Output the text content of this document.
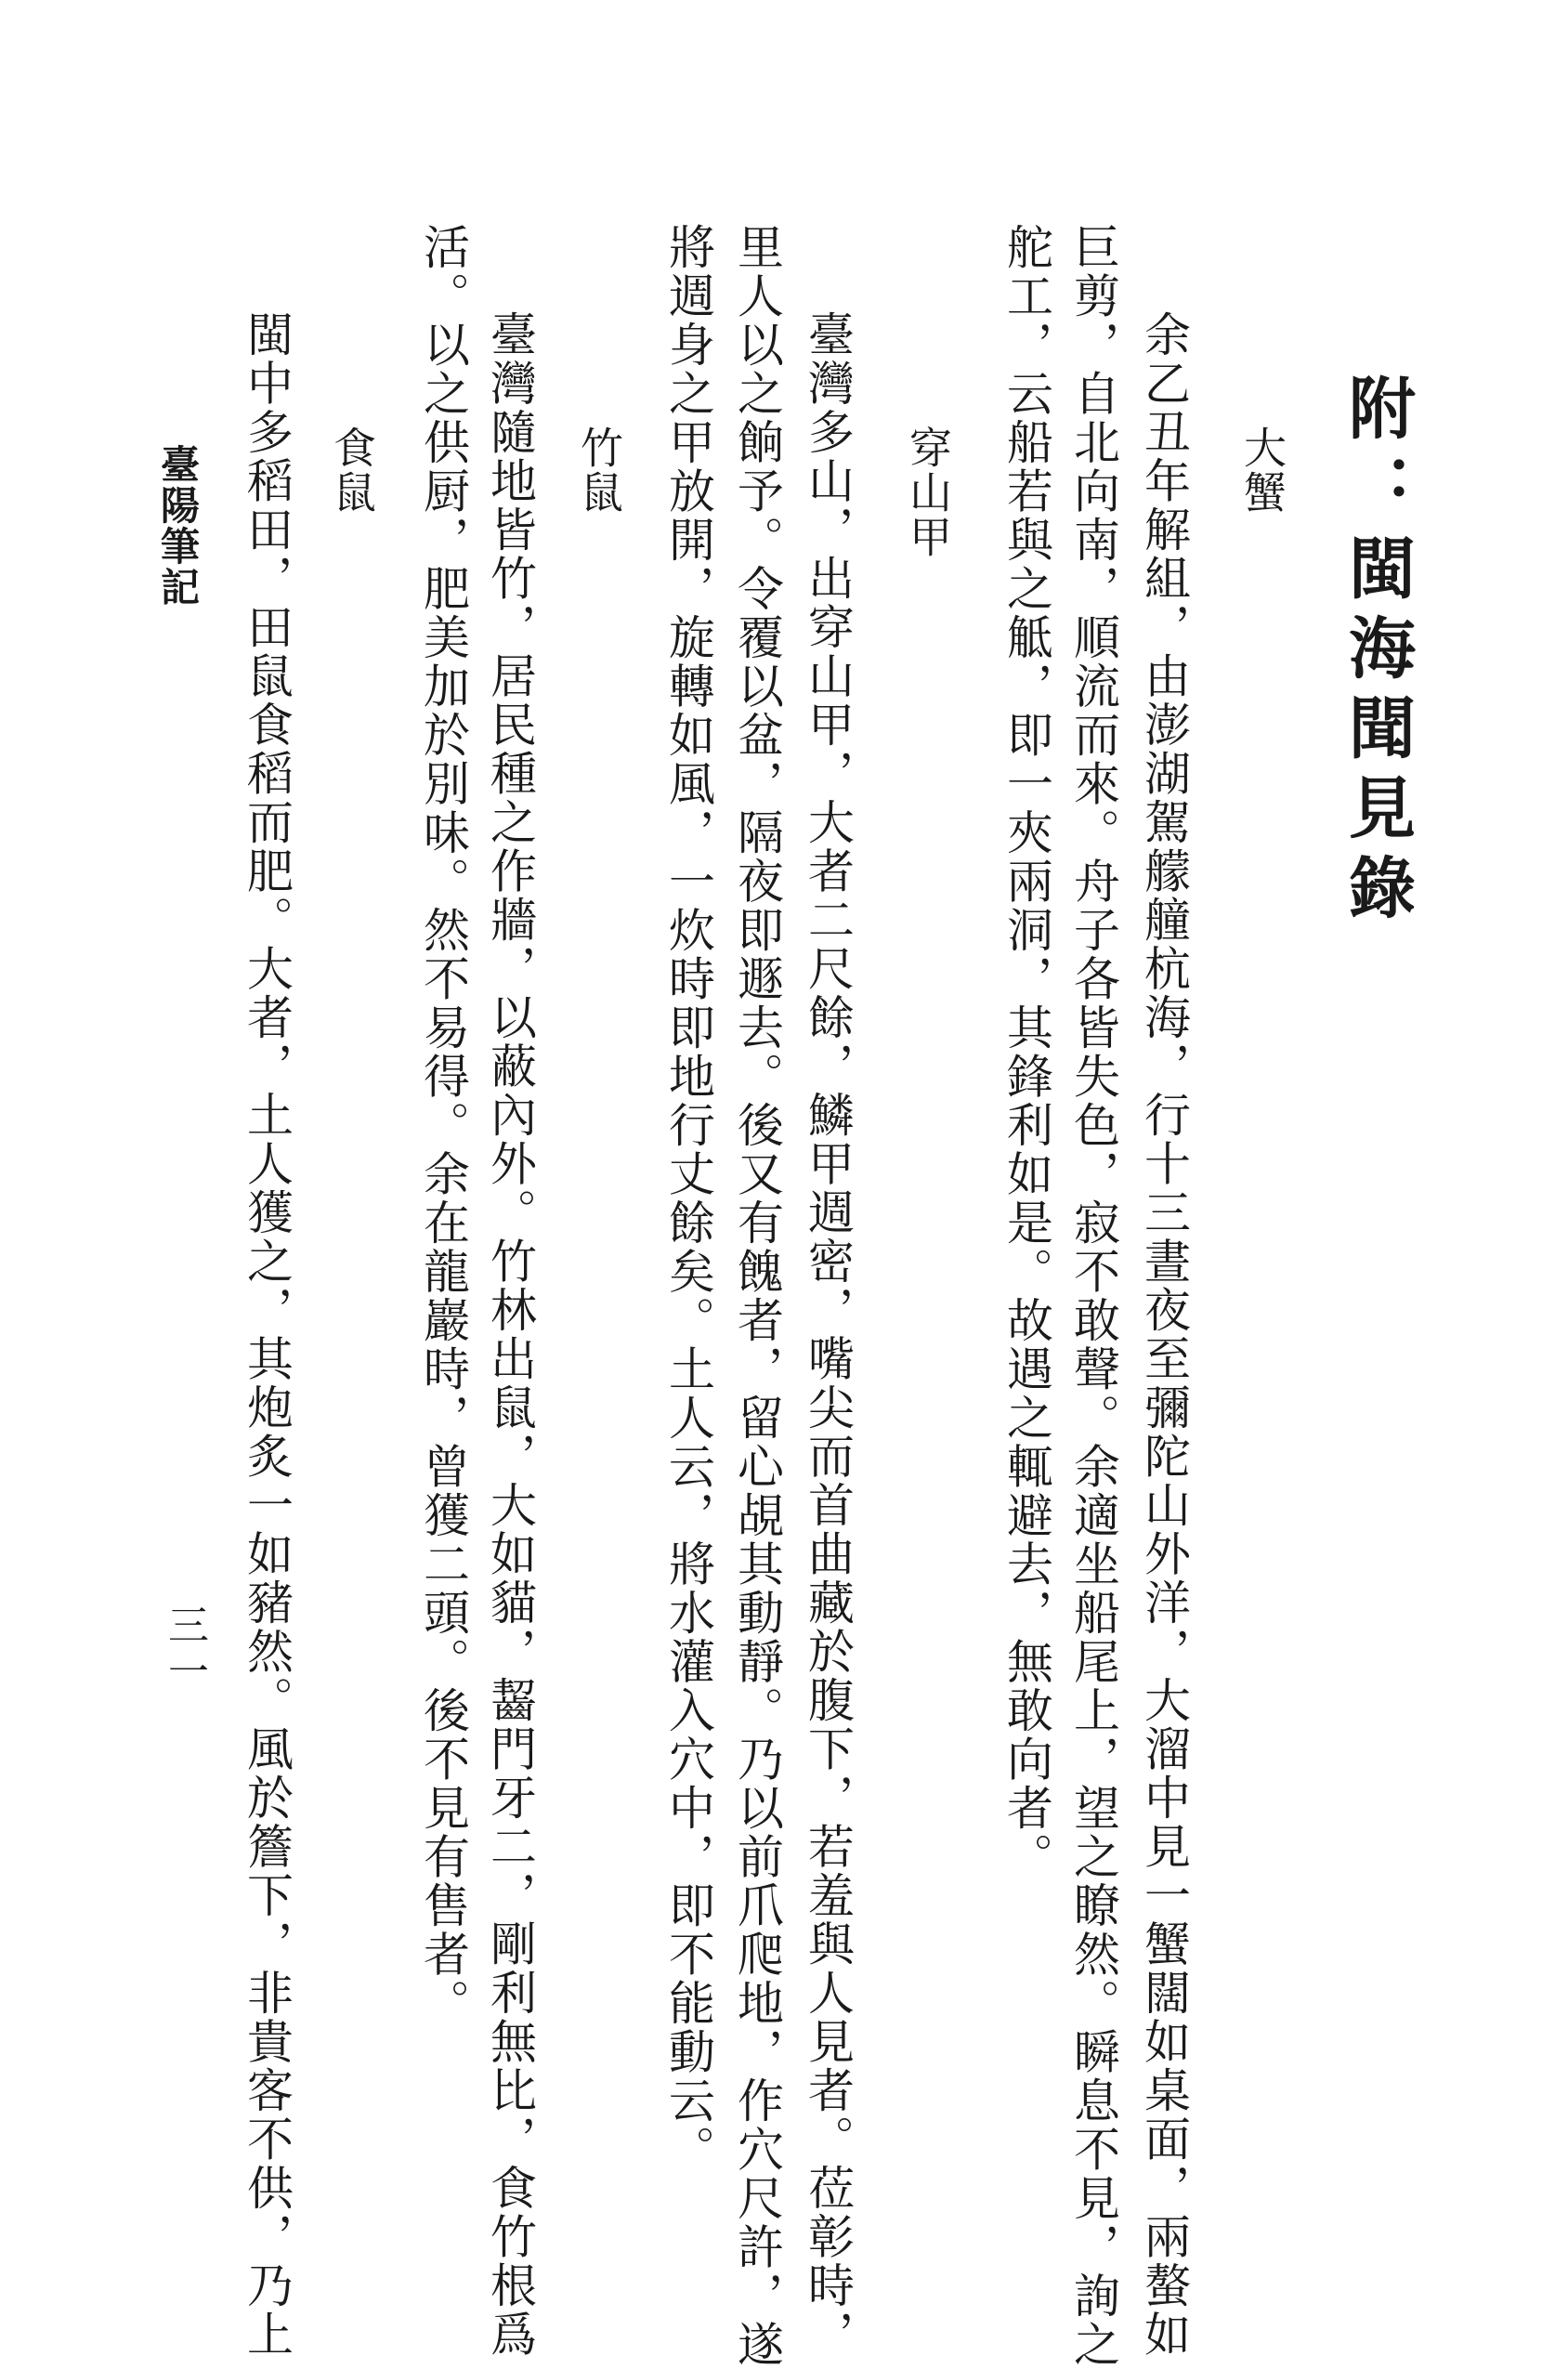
附：閩海聞見錄
大蟹
余乙丑年解組，由澎湖駕艨艟杭海，行十三晝夜至彌陀山外洋，大溜中見一蟹闊如桌面，兩螯如
巨剪，自北向南，順流而來。舟子各皆失色，寂不敢聲。余適坐船尾上，望之瞭然。瞬息不見，詢之
舵工，云船若與之觝，即一夾兩洞，其鋒利如是。故遇之輒避去，無敢向者。
穿山甲
臺灣多山，出穿山甲，大者二尺餘，鱗甲週密，嘴尖而首曲藏於腹下，若羞與人見者。莅彰時，
里人以之餉予。令覆以盆，隔夜即遯去。後又有餽者，留心覘其動靜。乃以前爪爬地，作穴尺許，遂
將週身之甲放開，旋轉如風，一炊時即地行丈餘矣。土人云，將水灌入穴中，即不能動云。
竹鼠
臺灣隨地皆竹，居民種之作牆，以蔽內外。竹林出鼠，大如貓，齧門牙二，剛利無比，食竹根爲
活。以之供厨，肥美加於別味。然不易得。余在龍巖時，曾獲二頭。後不見有售者。
食鼠
閩中多稻田，田鼠食稻而肥。大者，土人獲之，其炮炙一如豬然。風於簷下，非貴客不供，乃上
臺陽筆記
三一
